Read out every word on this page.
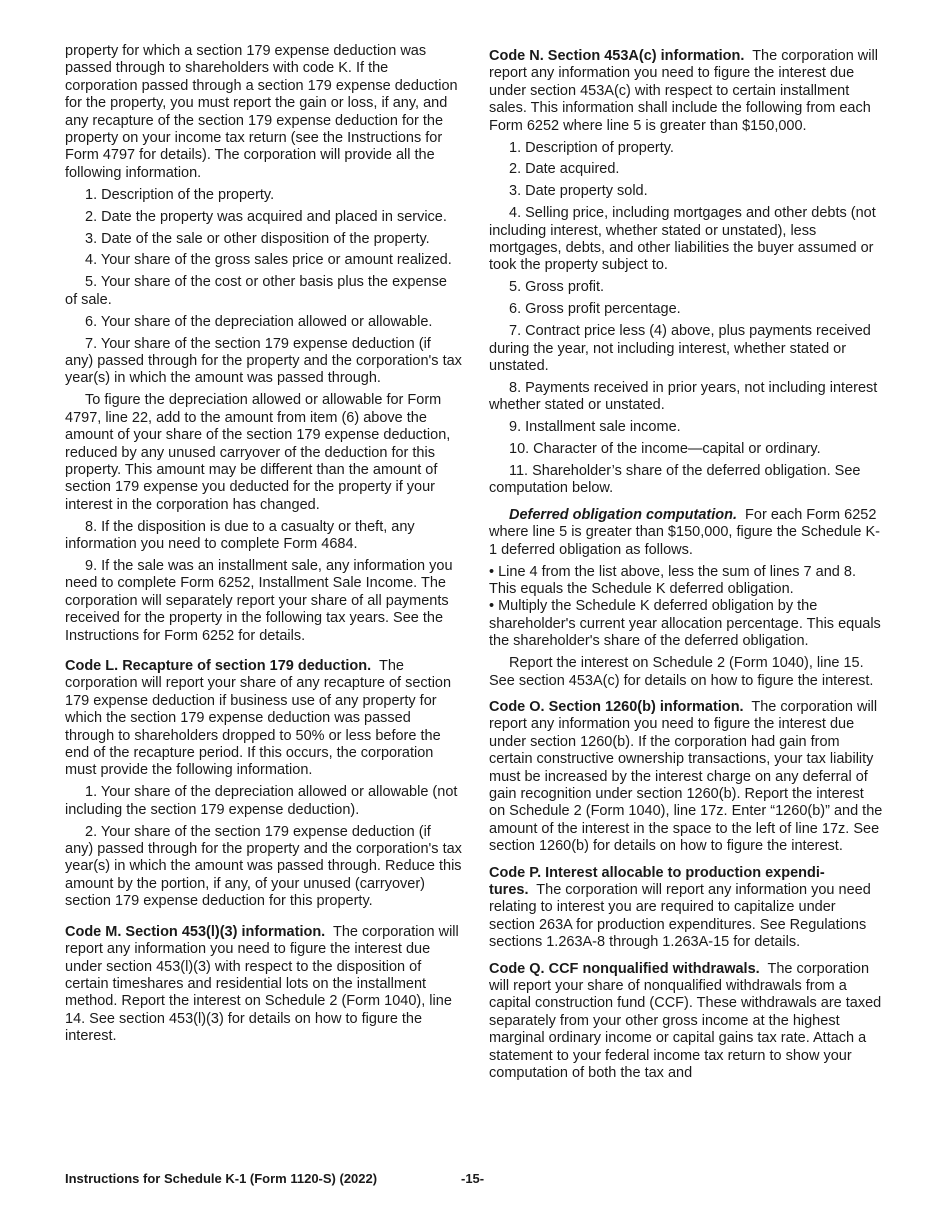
property for which a section 179 expense deduction was passed through to shareholders with code K. If the corporation passed through a section 179 expense deduction for the property, you must report the gain or loss, if any, and any recapture of the section 179 expense deduction for the property on your income tax return (see the Instructions for Form 4797 for details). The corporation will provide all the following information.

1. Description of the property.

2. Date the property was acquired and placed in service.

3. Date of the sale or other disposition of the property.

4. Your share of the gross sales price or amount realized.

5. Your share of the cost or other basis plus the expense of sale.

6. Your share of the depreciation allowed or allowable.

7. Your share of the section 179 expense deduction (if any) passed through for the property and the corporation's tax year(s) in which the amount was passed through.

To figure the depreciation allowed or allowable for Form 4797, line 22, add to the amount from item (6) above the amount of your share of the section 179 expense deduction, reduced by any unused carryover of the deduction for this property. This amount may be different than the amount of section 179 expense you deducted for the property if your interest in the corporation has changed.

8. If the disposition is due to a casualty or theft, any information you need to complete Form 4684.

9. If the sale was an installment sale, any information you need to complete Form 6252, Installment Sale Income. The corporation will separately report your share of all payments received for the property in the following tax years. See the Instructions for Form 6252 for details.

Code L. Recapture of section 179 deduction. The corporation will report your share of any recapture of section 179 expense deduction if business use of any property for which the section 179 expense deduction was passed through to shareholders dropped to 50% or less before the end of the recapture period. If this occurs, the corporation must provide the following information.

1. Your share of the depreciation allowed or allowable (not including the section 179 expense deduction).

2. Your share of the section 179 expense deduction (if any) passed through for the property and the corporation's tax year(s) in which the amount was passed through. Reduce this amount by the portion, if any, of your unused (carryover) section 179 expense deduction for this property.

Code M. Section 453(l)(3) information. The corporation will report any information you need to figure the interest due under section 453(l)(3) with respect to the disposition of certain timeshares and residential lots on the installment method. Report the interest on Schedule 2 (Form 1040), line 14. See section 453(l)(3) for details on how to figure the interest.

Code N. Section 453A(c) information. The corporation will report any information you need to figure the interest due under section 453A(c) with respect to certain installment sales. This information shall include the following from each Form 6252 where line 5 is greater than $150,000.

1. Description of property.

2. Date acquired.

3. Date property sold.

4. Selling price, including mortgages and other debts (not including interest, whether stated or unstated), less mortgages, debts, and other liabilities the buyer assumed or took the property subject to.

5. Gross profit.

6. Gross profit percentage.

7. Contract price less (4) above, plus payments received during the year, not including interest, whether stated or unstated.

8. Payments received in prior years, not including interest whether stated or unstated.

9. Installment sale income.

10. Character of the income—capital or ordinary.

11. Shareholder’s share of the deferred obligation. See computation below.

Deferred obligation computation. For each Form 6252 where line 5 is greater than $150,000, figure the Schedule K-1 deferred obligation as follows.

• Line 4 from the list above, less the sum of lines 7 and 8. This equals the Schedule K deferred obligation.

• Multiply the Schedule K deferred obligation by the shareholder's current year allocation percentage. This equals the shareholder's share of the deferred obligation.

Report the interest on Schedule 2 (Form 1040), line 15. See section 453A(c) for details on how to figure the interest.

Code O. Section 1260(b) information. The corporation will report any information you need to figure the interest due under section 1260(b). If the corporation had gain from certain constructive ownership transactions, your tax liability must be increased by the interest charge on any deferral of gain recognition under section 1260(b). Report the interest on Schedule 2 (Form 1040), line 17z. Enter “1260(b)” and the amount of the interest in the space to the left of line 17z. See section 1260(b) for details on how to figure the interest.

Code P. Interest allocable to production expendi-
tures. The corporation will report any information you need relating to interest you are required to capitalize under section 263A for production expenditures. See Regulations sections 1.263A-8 through 1.263A-15 for details.

Code Q. CCF nonqualified withdrawals. The corporation will report your share of nonqualified withdrawals from a capital construction fund (CCF). These withdrawals are taxed separately from your other gross income at the highest marginal ordinary income or capital gains tax rate. Attach a statement to your federal income tax return to show your computation of both the tax and

Instructions for Schedule K-1 (Form 1120-S) (2022)	-15-
